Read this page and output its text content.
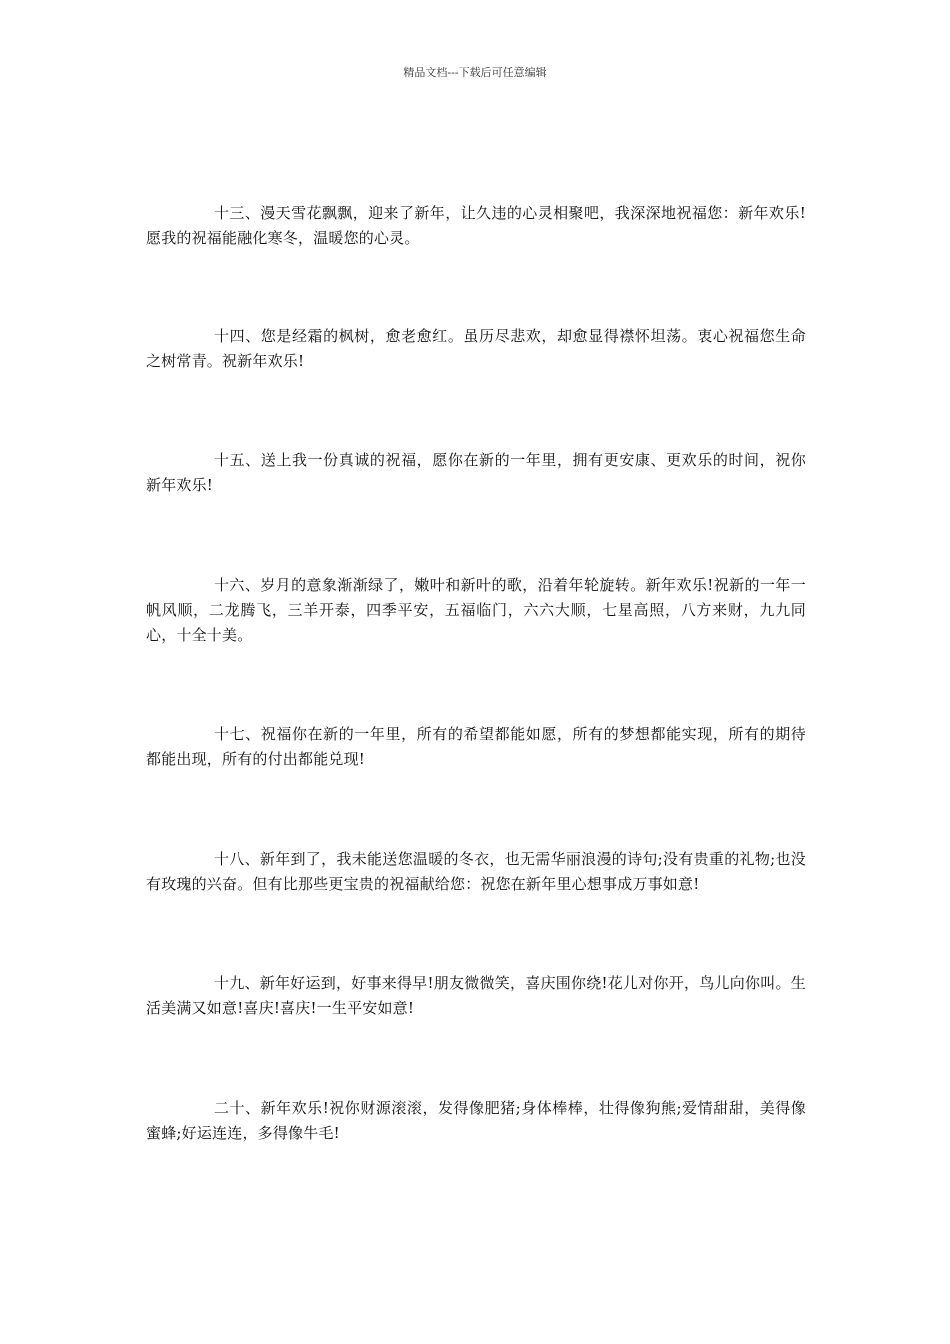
精品文档---下载后可任意编辑

十三、漫天雪花飘飘，迎来了新年，让久违的心灵相聚吧，我深深地祝福您：新年欢乐!愿我的祝福能融化寒冬，温暖您的心灵。

十四、您是经霜的枫树，愈老愈红。虽历尽悲欢，却愈显得襟怀坦荡。衷心祝福您生命之树常青。祝新年欢乐!

十五、送上我一份真诚的祝福，愿你在新的一年里，拥有更安康、更欢乐的时间，祝你新年欢乐!

十六、岁月的意象渐渐绿了，嫩叶和新叶的歌，沿着年轮旋转。新年欢乐!祝新的一年一帆风顺，二龙腾飞，三羊开泰，四季平安，五福临门，六六大顺，七星高照，八方来财，九九同心，十全十美。

十七、祝福你在新的一年里，所有的希望都能如愿，所有的梦想都能实现，所有的期待都能出现，所有的付出都能兑现!

十八、新年到了，我未能送您温暖的冬衣，也无需华丽浪漫的诗句;没有贵重的礼物;也没有玫瑰的兴奋。但有比那些更宝贵的祝福献给您：祝您在新年里心想事成万事如意!

十九、新年好运到，好事来得早!朋友微微笑，喜庆围你绕!花儿对你开，鸟儿向你叫。生活美满又如意!喜庆!喜庆!一生平安如意!

二十、新年欢乐!祝你财源滚滚，发得像肥猪;身体棒棒，壮得像狗熊;爱情甜甜，美得像蜜蜂;好运连连，多得像牛毛!
